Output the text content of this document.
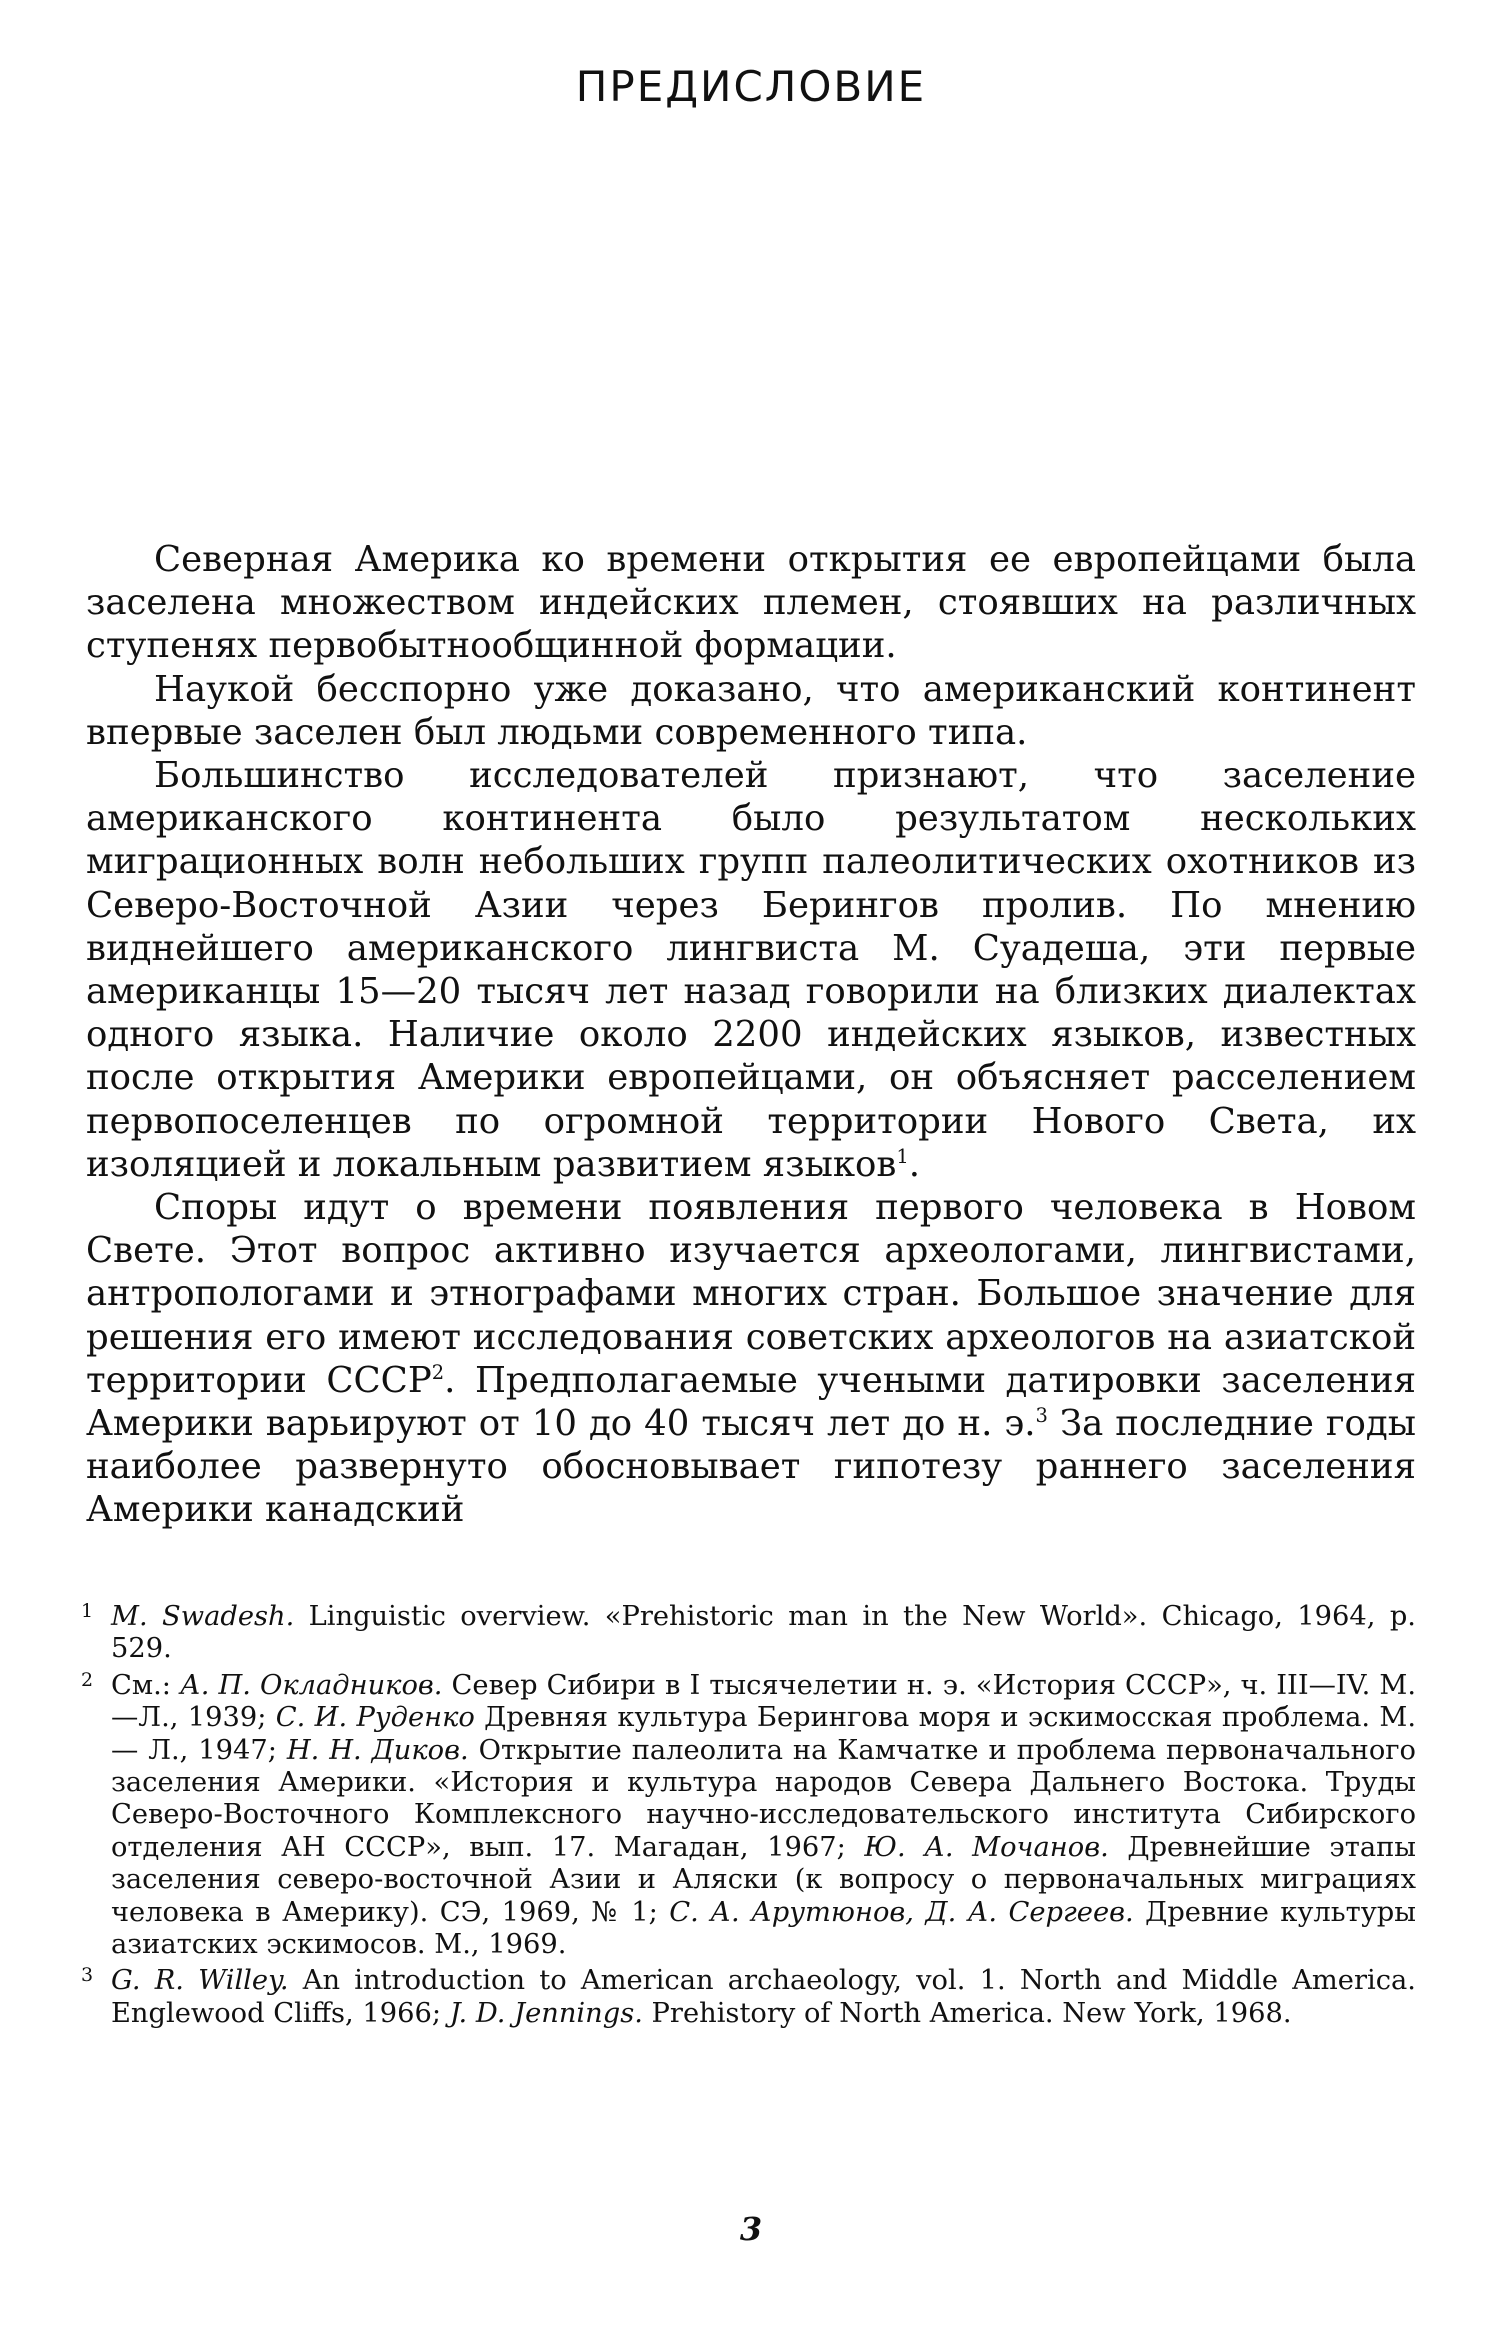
ПРЕДИСЛОВИЕ

Северная Америка ко времени открытия ее европейцами была заселена множеством индейских племен, стоявших на различных ступенях первобытнообщинной формации.

Наукой бесспорно уже доказано, что американский континент впервые заселен был людьми современного типа.

Большинство исследователей признают, что заселение американского континента было результатом нескольких миграционных волн небольших групп палеолитических охотников из Северо-Восточной Азии через Берингов пролив. По мнению виднейшего американского лингвиста М. Суадеша, эти первые американцы 15—20 тысяч лет назад говорили на близких диалектах одного языка. Наличие около 2200 индейских языков, известных после открытия Америки европейцами, он объясняет расселением первопоселенцев по огромной территории Нового Света, их изоляцией и локальным развитием языков$^1$.

Споры идут о времени появления первого человека в Новом Свете. Этот вопрос активно изучается археологами, лингвистами, антропологами и этнографами многих стран. Большое значение для решения его имеют исследования советских археологов на азиатской территории СССР$^2$. Предполагаемые учеными датировки заселения Америки варьируют от 10 до 40 тысяч лет до н. э.$^3$ За последние годы наиболее развернуто обосновывает гипотезу раннего заселения Америки канадский

1 M. Swadesh. Linguistic overview. «Prehistoric man in the New World». Chicago, 1964, p. 529.
2 См.: А. П. Окладников. Север Сибири в I тысячелетии н. э. «История СССР», ч. III—IV. М.—Л., 1939; С. И. Руденко Древняя культура Берингова моря и эскимосская проблема. М.— Л., 1947; Н. Н. Диков. Открытие палеолита на Камчатке и проблема первоначального заселения Америки. «История и культура народов Севера Дальнего Востока. Труды Северо-Восточного Комплексного научно-исследовательского института Сибирского отделения АН СССР», вып. 17. Магадан, 1967; Ю. А. Мочанов. Древнейшие этапы заселения северо-восточной Азии и Аляски (к вопросу о первоначальных миграциях человека в Америку). СЭ, 1969, № 1; С. А. Арутюнов, Д. А. Сергеев. Древние культуры азиатских эскимосов. М., 1969.
3 G. R. Willey. An introduction to American archaeology, vol. 1. North and Middle America. Englewood Cliffs, 1966; J. D. Jennings. Prehistory of North America. New York, 1968.
3
